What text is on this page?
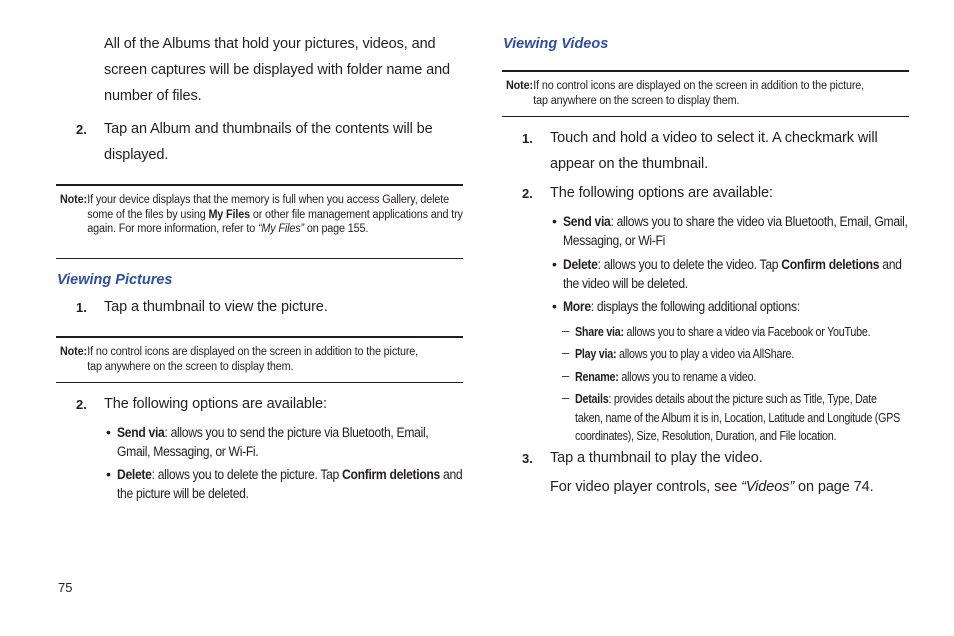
All of the Albums that hold your pictures, videos, and screen captures will be displayed with folder name and number of files.
2. Tap an Album and thumbnails of the contents will be displayed.
Note: If your device displays that the memory is full when you access Gallery, delete some of the files by using My Files or other file management applications and try again. For more information, refer to “My Files” on page 155.
Viewing Pictures
1. Tap a thumbnail to view the picture.
Note: If no control icons are displayed on the screen in addition to the picture, tap anywhere on the screen to display them.
2. The following options are available:
• Send via: allows you to send the picture via Bluetooth, Email, Gmail, Messaging, or Wi-Fi.
• Delete: allows you to delete the picture. Tap Confirm deletions and the picture will be deleted.
75
Viewing Videos
Note: If no control icons are displayed on the screen in addition to the picture, tap anywhere on the screen to display them.
1. Touch and hold a video to select it. A checkmark will appear on the thumbnail.
2. The following options are available:
• Send via: allows you to share the video via Bluetooth, Email, Gmail, Messaging, or Wi-Fi
• Delete: allows you to delete the video. Tap Confirm deletions and the video will be deleted.
• More: displays the following additional options:
– Share via: allows you to share a video via Facebook or YouTube.
– Play via: allows you to play a video via AllShare.
– Rename: allows you to rename a video.
– Details: provides details about the picture such as Title, Type, Date taken, name of the Album it is in, Location, Latitude and Longitude (GPS coordinates), Size, Resolution, Duration, and File location.
3. Tap a thumbnail to play the video.
For video player controls, see “Videos” on page 74.
